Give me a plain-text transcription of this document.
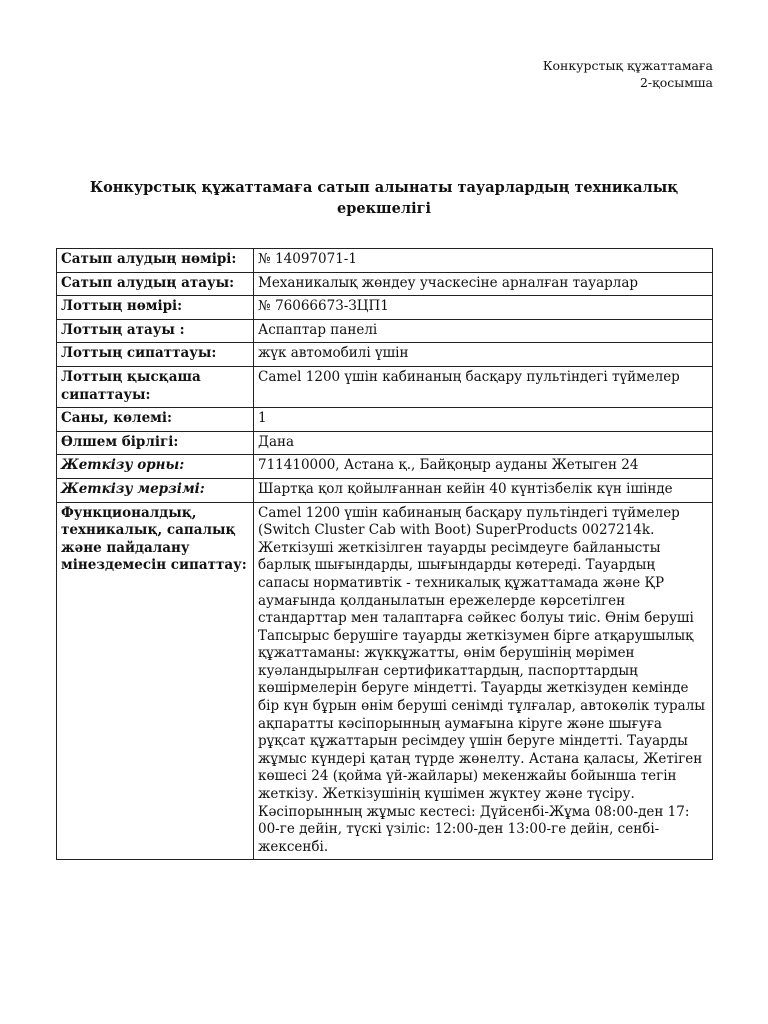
Конкурстық құжаттамаға
2-қосымша
Конкурстық құжаттамаға сатып алынаты тауарлардың техникалық
ерекшелігі
Сатып алудың нөмірі:	№ 14097071-1
Сатып алудың атауы:	Механикалық жөндеу учаскесіне арналған тауарлар
Лоттың нөмірі:	№ 76066673-ЗЦП1
Лоттың атауы :	Аспаптар панелі
Лоттың сипаттауы:	жүк автомобилі үшін
Лоттың қысқаша сипаттауы:	Camel 1200 үшін кабинаның басқару пультіндегі түймелер
Саны, көлемі:	1
Өлшем бірлігі:	Дана
Жеткізу орны:	711410000, Астана қ., Байқоңыр ауданы Жетыген 24
Жеткізу мерзімі:	Шартқа қол қойылғаннан кейін 40 күнтізбелік күн ішінде
Функционалдық, техникалық, сапалық және пайдалану мінездемесін сипаттау:	Camel 1200 үшін кабинаның басқару пультіндегі түймелер (Switch Cluster Cab with Boot) SuperProducts 0027214k. Жеткізуші жеткізілген тауарды ресімдеуге байланысты барлық шығындарды, шығындарды көтереді. Тауардың сапасы нормативтік - техникалық құжаттамада және ҚР аумағында қолданылатын ережелерде көрсетілген стандарттар мен талаптарға сәйкес болуы тиіс. Өнім беруші Тапсырыс берушіге тауарды жеткізумен бірге атқарушылық құжаттаманы: жүкқұжатты, өнім берушінің мөрімен куәландырылған сертификаттардың, паспорттардың көшірмелерін беруге міндетті. Тауарды жеткізуден кемінде бір күн бұрын өнім беруші сенімді тұлғалар, автокөлік туралы ақпаратты кәсіпорынның аумағына кіруге және шығуға рұқсат құжаттарын ресімдеу үшін беруге міндетті. Тауарды жұмыс күндері қатаң түрде жөнелту. Астана қаласы, Жетіген көшесі 24 (қойма үй-жайлары) мекенжайы бойынша тегін жеткізу. Жеткізушінің күшімен жүктеу және түсіру. Кәсіпорынның жұмыс кестесі: Дүйсенбі-Жұма 08:00-ден 17: 00-ге дейін, түскі үзіліс: 12:00-ден 13:00-ге дейін, сенбі-жексенбі.
